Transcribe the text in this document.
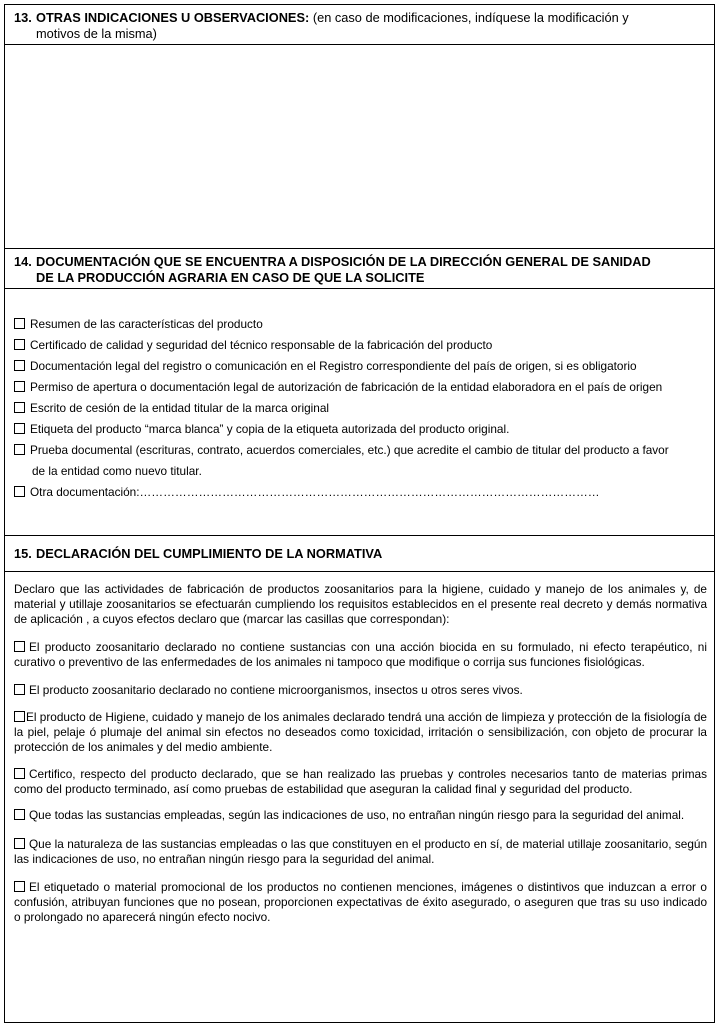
13. OTRAS INDICACIONES U OBSERVACIONES: (en caso de modificaciones, indíquese la modificación y
motivos de la misma)
14. DOCUMENTACIÓN QUE SE ENCUENTRA A DISPOSICIÓN DE LA DIRECCIÓN GENERAL DE SANIDAD
DE LA PRODUCCIÓN AGRARIA EN CASO DE QUE LA SOLICITE
Resumen de las características del producto
Certificado de calidad y seguridad del técnico responsable de la fabricación del producto
Documentación legal del registro o comunicación en el Registro correspondiente del país de origen, si es obligatorio
Permiso de apertura o documentación legal de autorización de fabricación de la entidad elaboradora en el país de origen
Escrito de cesión de la entidad titular de la marca original
Etiqueta del producto “marca blanca” y copia de la etiqueta autorizada del producto original.
Prueba documental (escrituras, contrato, acuerdos comerciales, etc.) que acredite el cambio de titular del producto a favor
de la entidad como nuevo titular.
Otra documentación:………………………………………………………………………………………………………
15. DECLARACIÓN DEL CUMPLIMIENTO DE LA NORMATIVA
Declaro que las actividades de fabricación de productos zoosanitarios para la higiene, cuidado y manejo de los animales y, de material y utillaje zoosanitarios se efectuarán cumpliendo los requisitos establecidos en el presente real decreto y demás normativa de aplicación , a cuyos efectos declaro que (marcar las casillas que correspondan):
El producto zoosanitario declarado no contiene sustancias con una acción biocida en su formulado, ni efecto terapéutico, ni curativo o preventivo de las enfermedades de los animales ni tampoco que modifique o corrija sus funciones fisiológicas.
El producto zoosanitario declarado no contiene microorganismos, insectos u otros seres vivos.
El producto de Higiene, cuidado y manejo de los animales declarado tendrá una acción de limpieza y protección de la fisiología de la piel, pelaje ó plumaje del animal sin efectos no deseados como toxicidad, irritación o sensibilización, con objeto de procurar la protección de los animales y del medio ambiente.
Certifico, respecto del producto declarado, que se han realizado las pruebas y controles necesarios tanto de materias primas como del producto terminado, así como pruebas de estabilidad que aseguran la calidad final y seguridad del producto.
Que todas las sustancias empleadas, según las indicaciones de uso, no entrañan ningún riesgo para la seguridad del animal.
Que la naturaleza de las sustancias empleadas o las que constituyen en el producto en sí, de material utillaje zoosanitario, según las indicaciones de uso, no entrañan ningún riesgo para la seguridad del animal.
El etiquetado o material promocional de los productos no contienen menciones, imágenes o distintivos que induzcan a error o confusión, atribuyan funciones que no posean, proporcionen expectativas de éxito asegurado, o aseguren que tras su uso indicado o prolongado no aparecerá ningún efecto nocivo.
